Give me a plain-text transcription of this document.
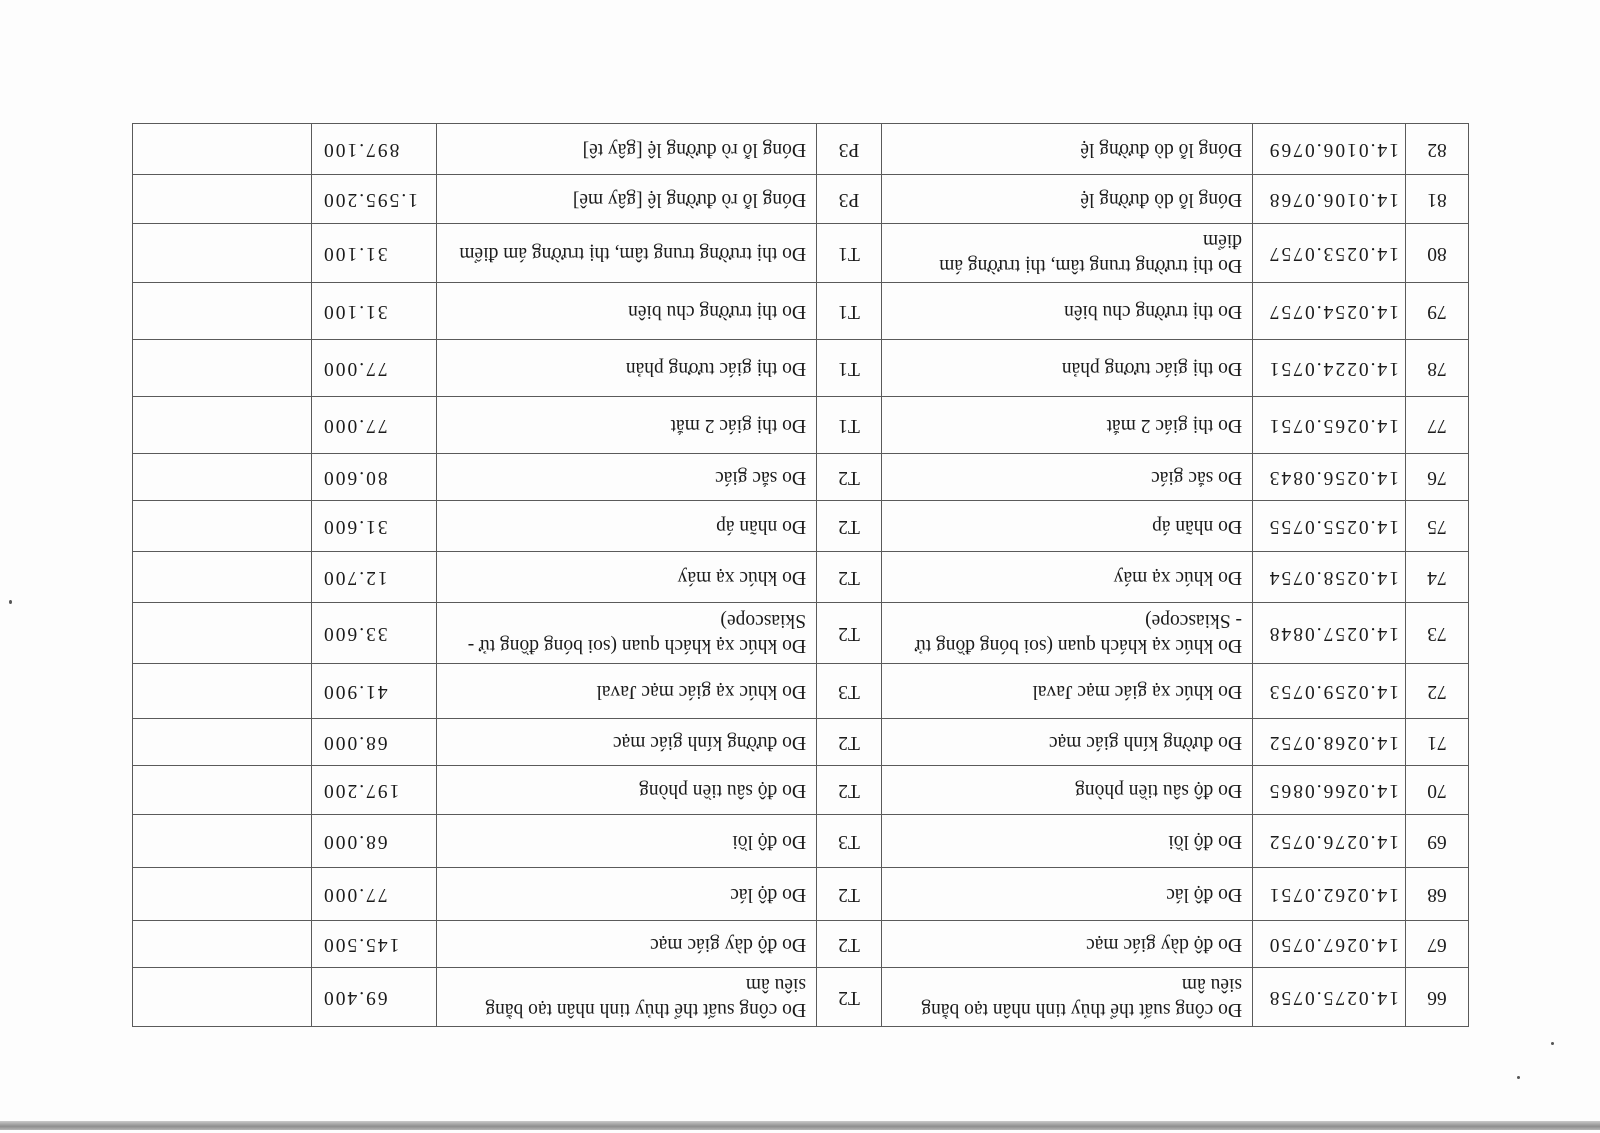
66	14.0275.0758	Đo công suất thể thủy tinh nhân tạo bằng siêu âm	T2	Đo công suất thể thủy tinh nhân tạo bằng siêu âm	69.400	
67	14.0267.0750	Đo độ dày giác mạc	T2	Đo độ dày giác mạc	145.500	
68	14.0262.0751	Đo độ lác	T2	Đo độ lác	77.000	
69	14.0276.0752	Đo độ lồi	T3	Đo độ lồi	68.000	
70	14.0266.0865	Đo độ sâu tiền phòng	T2	Đo độ sâu tiền phòng	197.200	
71	14.0268.0752	Đo đường kính giác mạc	T2	Đo đường kính giác mạc	68.000	
72	14.0259.0753	Đo khúc xạ giác mạc Javal	T3	Đo khúc xạ giác mạc Javal	41.900	
73	14.0257.0848	Đo khúc xạ khách quan (soi bóng đồng tử - Skiascope)	T2	Đo khúc xạ khách quan (soi bóng đồng tử - Skiascope)	33.600	
74	14.0258.0754	Đo khúc xạ máy	T2	Đo khúc xạ máy	12.700	
75	14.0255.0755	Đo nhãn áp	T2	Đo nhãn áp	31.600	
76	14.0256.0843	Đo sắc giác	T2	Đo sắc giác	80.600	
77	14.0265.0751	Đo thị giác 2 mắt	T1	Đo thị giác 2 mắt	77.000	
78	14.0224.0751	Đo thị giác tương phản	T1	Đo thị giác tương phản	77.000	
79	14.0254.0757	Đo thị trường chu biên	T1	Đo thị trường chu biên	31.100	
80	14.0253.0757	Đo thị trường trung tâm, thị trường ám điểm	T1	Đo thị trường trung tâm, thị trường ám điểm	31.100	
81	14.0106.0768	Đóng lỗ dò đường lệ	P3	Đóng lỗ rò đường lệ [gây mê]	1.595.200	
82	14.0106.0769	Đóng lỗ dò đường lệ	P3	Đóng lỗ rò đường lệ [gây tê]	897.100	
